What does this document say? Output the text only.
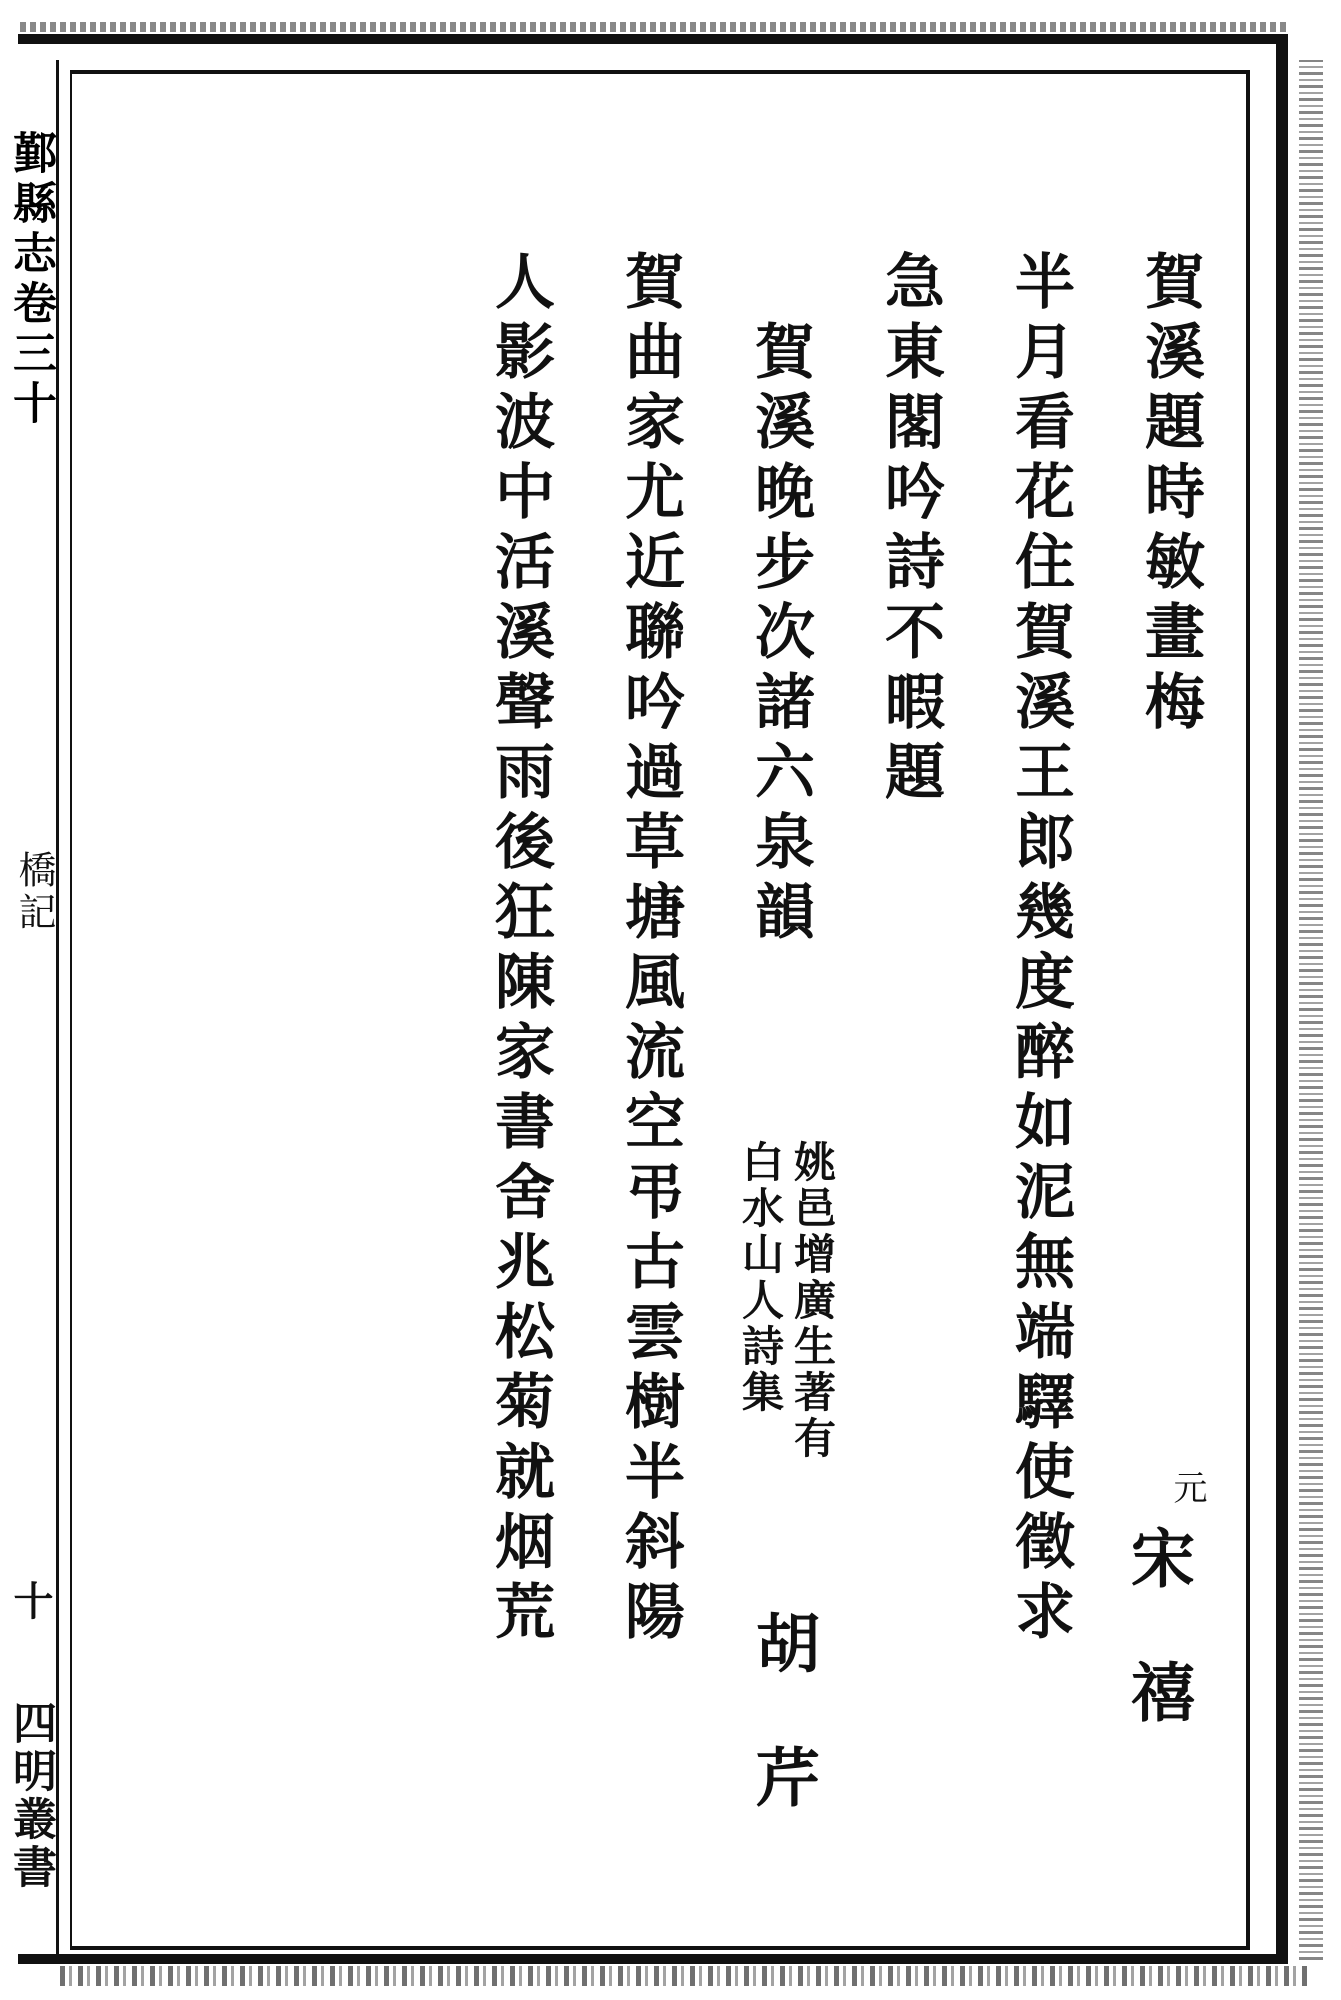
鄞縣志卷三十
橋記
十
四明叢書
賀溪題時敏畫梅
元
宋禧
半月看花住賀溪王郎幾度醉如泥無端驛使徵求
急東閣吟詩不暇題
賀溪晚步次諸六泉韻
姚邑增廣生著有
白水山人詩集
胡芹
賀曲家尤近聯吟過草塘風流空弔古雲樹半斜陽
人影波中活溪聲雨後狂陳家書舍兆松菊就烟荒
